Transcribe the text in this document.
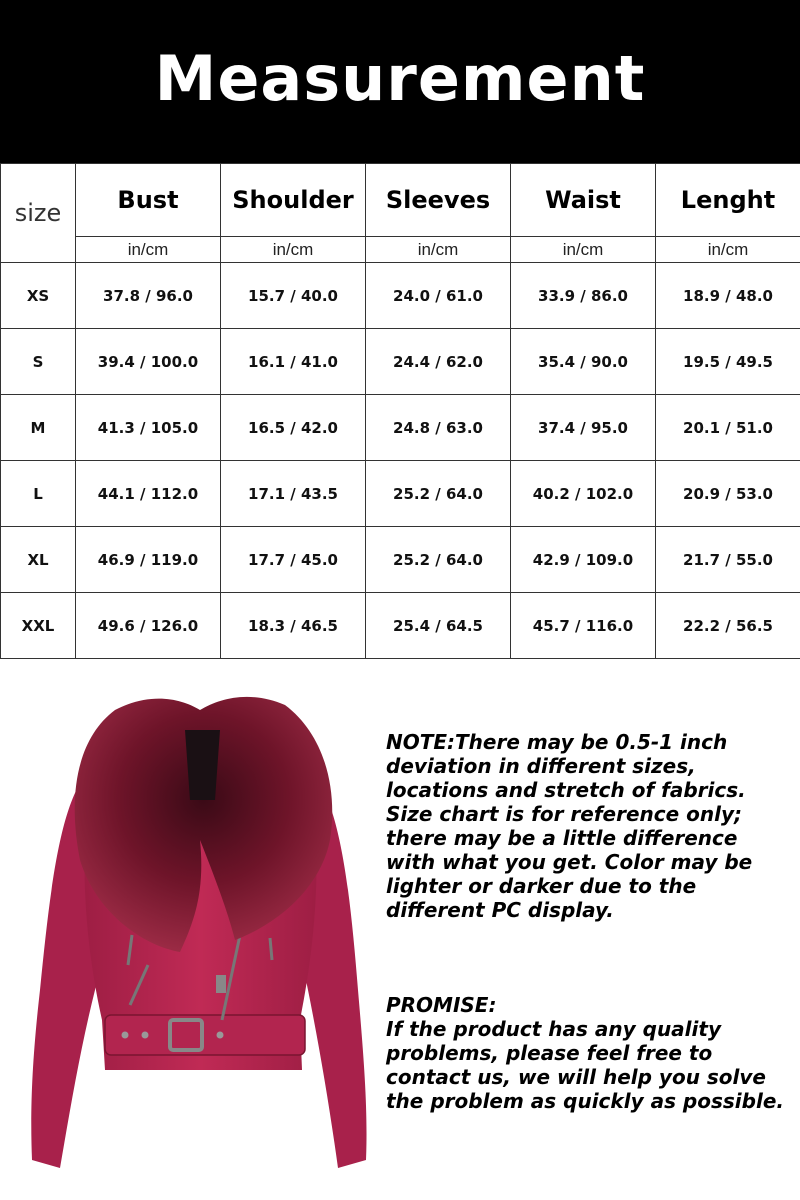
Measurement
size	Bust	Shoulder	Sleeves	Waist	Lenght
	in/cm	in/cm	in/cm	in/cm	in/cm
XS	37.8 / 96.0	15.7 / 40.0	24.0 / 61.0	33.9 / 86.0	18.9 / 48.0
S	39.4 / 100.0	16.1 / 41.0	24.4 / 62.0	35.4 / 90.0	19.5 / 49.5
M	41.3 / 105.0	16.5 / 42.0	24.8 / 63.0	37.4 / 95.0	20.1 / 51.0
L	44.1 / 112.0	17.1 / 43.5	25.2 / 64.0	40.2 / 102.0	20.9 / 53.0
XL	46.9 / 119.0	17.7 / 45.0	25.2 / 64.0	42.9 / 109.0	21.7 / 55.0
XXL	49.6 / 126.0	18.3 / 46.5	25.4 / 64.5	45.7 / 116.0	22.2 / 56.5
NOTE:There may be 0.5-1 inch deviation in different sizes, locations and stretch of fabrics. Size chart is for reference only; there may be a little difference with what you get. Color may be lighter or darker due to the different PC display.
PROMISE:
If the product has any quality problems, please feel free to contact us, we will help you solve the problem as quickly as possible.
